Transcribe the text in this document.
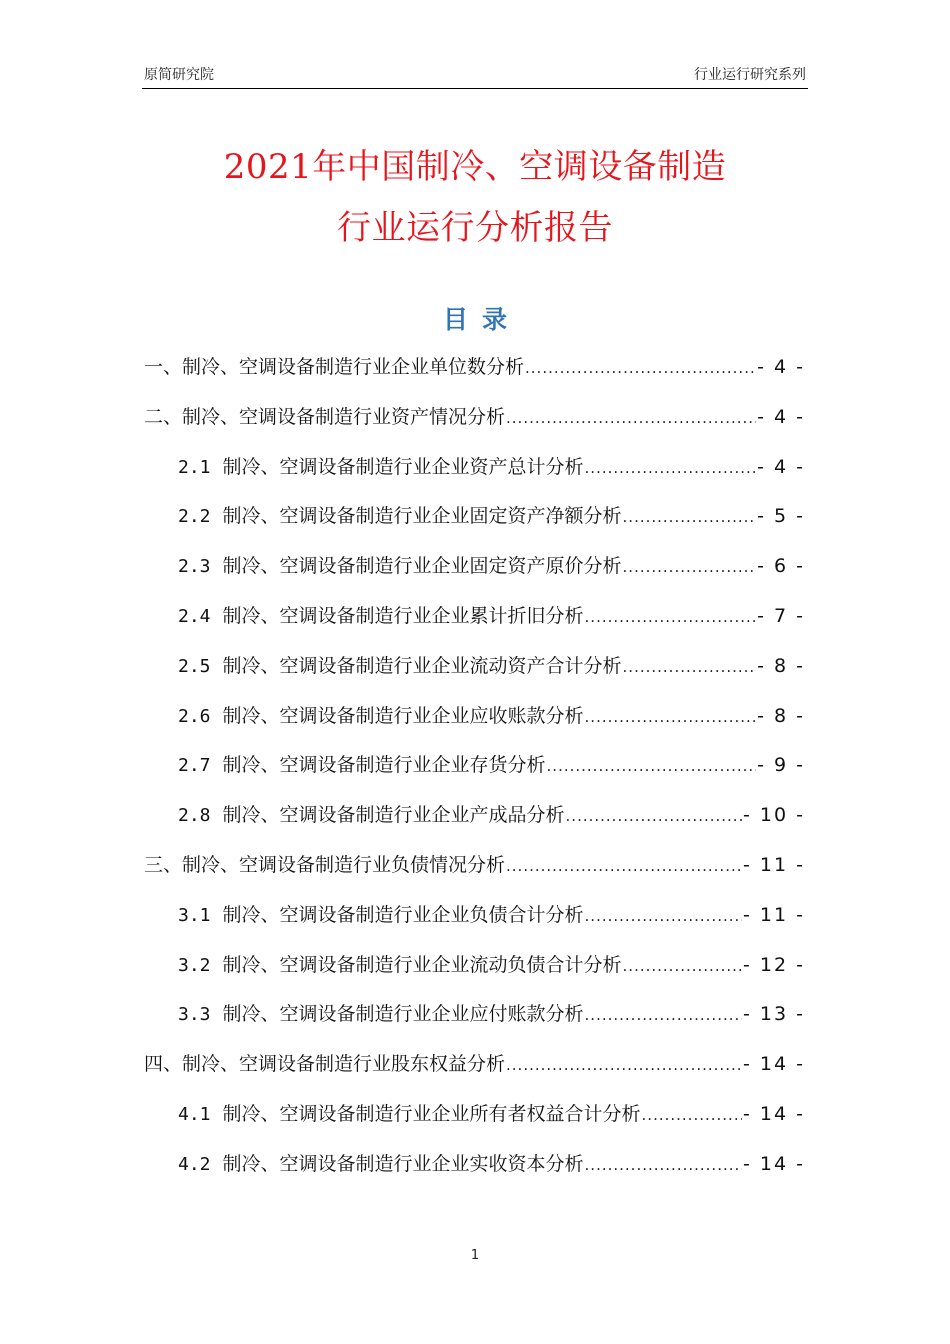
原简研究院	行业运行研究系列
2021年中国制冷、空调设备制造
行业运行分析报告
目录
一、制冷、空调设备制造行业企业单位数分析 .....	- 4 -
二、制冷、空调设备制造行业资产情况分析 .....	- 4 -
2.1 制冷、空调设备制造行业企业资产总计分析 .....	- 4 -
2.2 制冷、空调设备制造行业企业固定资产净额分析 .....	- 5 -
2.3 制冷、空调设备制造行业企业固定资产原价分析 .....	- 6 -
2.4 制冷、空调设备制造行业企业累计折旧分析 .....	- 7 -
2.5 制冷、空调设备制造行业企业流动资产合计分析 .....	- 8 -
2.6 制冷、空调设备制造行业企业应收账款分析 .....	- 8 -
2.7 制冷、空调设备制造行业企业存货分析 .....	- 9 -
2.8 制冷、空调设备制造行业企业产成品分析 .....	- 10 -
三、制冷、空调设备制造行业负债情况分析 .....	- 11 -
3.1 制冷、空调设备制造行业企业负债合计分析 .....	- 11 -
3.2 制冷、空调设备制造行业企业流动负债合计分析 .....	- 12 -
3.3 制冷、空调设备制造行业企业应付账款分析 .....	- 13 -
四、制冷、空调设备制造行业股东权益分析 .....	- 14 -
4.1 制冷、空调设备制造行业企业所有者权益合计分析 .....	- 14 -
4.2 制冷、空调设备制造行业企业实收资本分析 .....	- 14 -
1
